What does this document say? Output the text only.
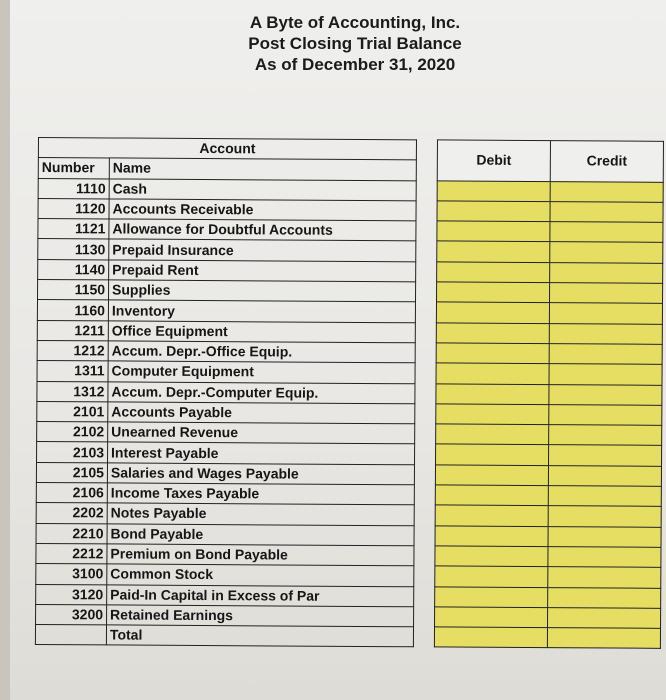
A Byte of Accounting, Inc.
Post Closing Trial Balance
As of December 31, 2020
Account			Debit	Credit
Number	Name			
1110	Cash			
1120	Accounts Receivable			
1121	Allowance for Doubtful Accounts			
1130	Prepaid Insurance			
1140	Prepaid Rent			
1150	Supplies			
1160	Inventory			
1211	Office Equipment			
1212	Accum. Depr.-Office Equip.			
1311	Computer Equipment			
1312	Accum. Depr.-Computer Equip.			
2101	Accounts Payable			
2102	Unearned Revenue			
2103	Interest Payable			
2105	Salaries and Wages Payable			
2106	Income Taxes Payable			
2202	Notes Payable			
2210	Bond Payable			
2212	Premium on Bond Payable			
3100	Common Stock			
3120	Paid-In Capital in Excess of Par			
3200	Retained Earnings			
	Total			
